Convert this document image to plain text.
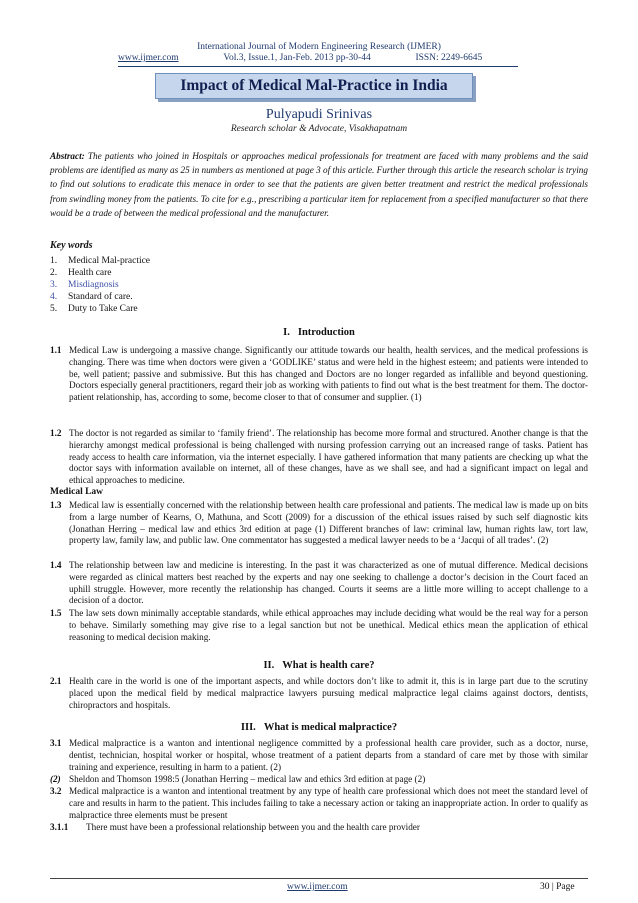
International Journal of Modern Engineering Research (IJMER)
www.ijmer.com	Vol.3, Issue.1, Jan-Feb. 2013 pp-30-44	ISSN: 2249-6645
Impact of Medical Mal-Practice in India
Pulyapudi Srinivas
Research scholar & Advocate, Visakhapatnam
Abstract: The patients who joined in Hospitals or approaches medical professionals for treatment are faced with many problems and the said problems are identified as many as 25 in numbers as mentioned at page 3 of this article. Further through this article the research scholar is trying to find out solutions to eradicate this menace in order to see that the patients are given better treatment and restrict the medical professionals from swindling money from the patients. To cite for e.g., prescribing a particular item for replacement from a specified manufacturer so that there would be a trade of between the medical professional and the manufacturer.
Key words
1. Medical Mal-practice
2. Health care
3. Misdiagnosis
4. Standard of care.
5. Duty to Take Care
I. Introduction
1.1 Medical Law is undergoing a massive change. Significantly our attitude towards our health, health services, and the medical professions is changing. There was time when doctors were given a ‘GODLIKE’ status and were held in the highest esteem; and patients were intended to be, well patient; passive and submissive. But this has changed and Doctors are no longer regarded as infallible and beyond questioning. Doctors especially general practitioners, regard their job as working with patients to find out what is the best treatment for them. The doctor-patient relationship, has, according to some, become closer to that of consumer and supplier. (1)
1.2 The doctor is not regarded as similar to ‘family friend’. The relationship has become more formal and structured. Another change is that the hierarchy amongst medical professional is being challenged with nursing profession carrying out an increased range of tasks. Patient has ready access to health care information, via the internet especially. I have gathered information that many patients are checking up what the doctor says with information available on internet, all of these changes, have as we shall see, and had a significant impact on legal and ethical approaches to medicine.
Medical Law
1.3 Medical law is essentially concerned with the relationship between health care professional and patients. The medical law is made up on bits from a large number of Kearns, O, Mathuna, and Scott (2009) for a discussion of the ethical issues raised by such self diagnostic kits (Jonathan Herring – medical law and ethics 3rd edition at page (1) Different branches of law: criminal law, human rights law, tort law, property law, family law, and public law. One commentator has suggested a medical lawyer needs to be a ‘Jacqui of all trades’. (2)
1.4 The relationship between law and medicine is interesting. In the past it was characterized as one of mutual difference. Medical decisions were regarded as clinical matters best reached by the experts and nay one seeking to challenge a doctor’s decision in the Court faced an uphill struggle. However, more recently the relationship has changed. Courts it seems are a little more willing to accept challenge to a decision of a doctor.
1.5 The law sets down minimally acceptable standards, while ethical approaches may include deciding what would be the real way for a person to behave. Similarly something may give rise to a legal sanction but not be unethical. Medical ethics mean the application of ethical reasoning to medical decision making.
II. What is health care?
2.1 Health care in the world is one of the important aspects, and while doctors don’t like to admit it, this is in large part due to the scrutiny placed upon the medical field by medical malpractice lawyers pursuing medical malpractice legal claims against doctors, dentists, chiropractors and hospitals.
III. What is medical malpractice?
3.1 Medical malpractice is a wanton and intentional negligence committed by a professional health care provider, such as a doctor, nurse, dentist, technician, hospital worker or hospital, whose treatment of a patient departs from a standard of care met by those with similar training and experience, resulting in harm to a patient. (2)
(2) Sheldon and Thomson 1998:5 (Jonathan Herring – medical law and ethics 3rd edition at page (2)
3.2 Medical malpractice is a wanton and intentional treatment by any type of health care professional which does not meet the standard level of care and results in harm to the patient. This includes failing to take a necessary action or taking an inappropriate action. In order to qualify as malpractice three elements must be present
3.1.1 There must have been a professional relationship between you and the health care provider
www.ijmer.com	30 | Page
